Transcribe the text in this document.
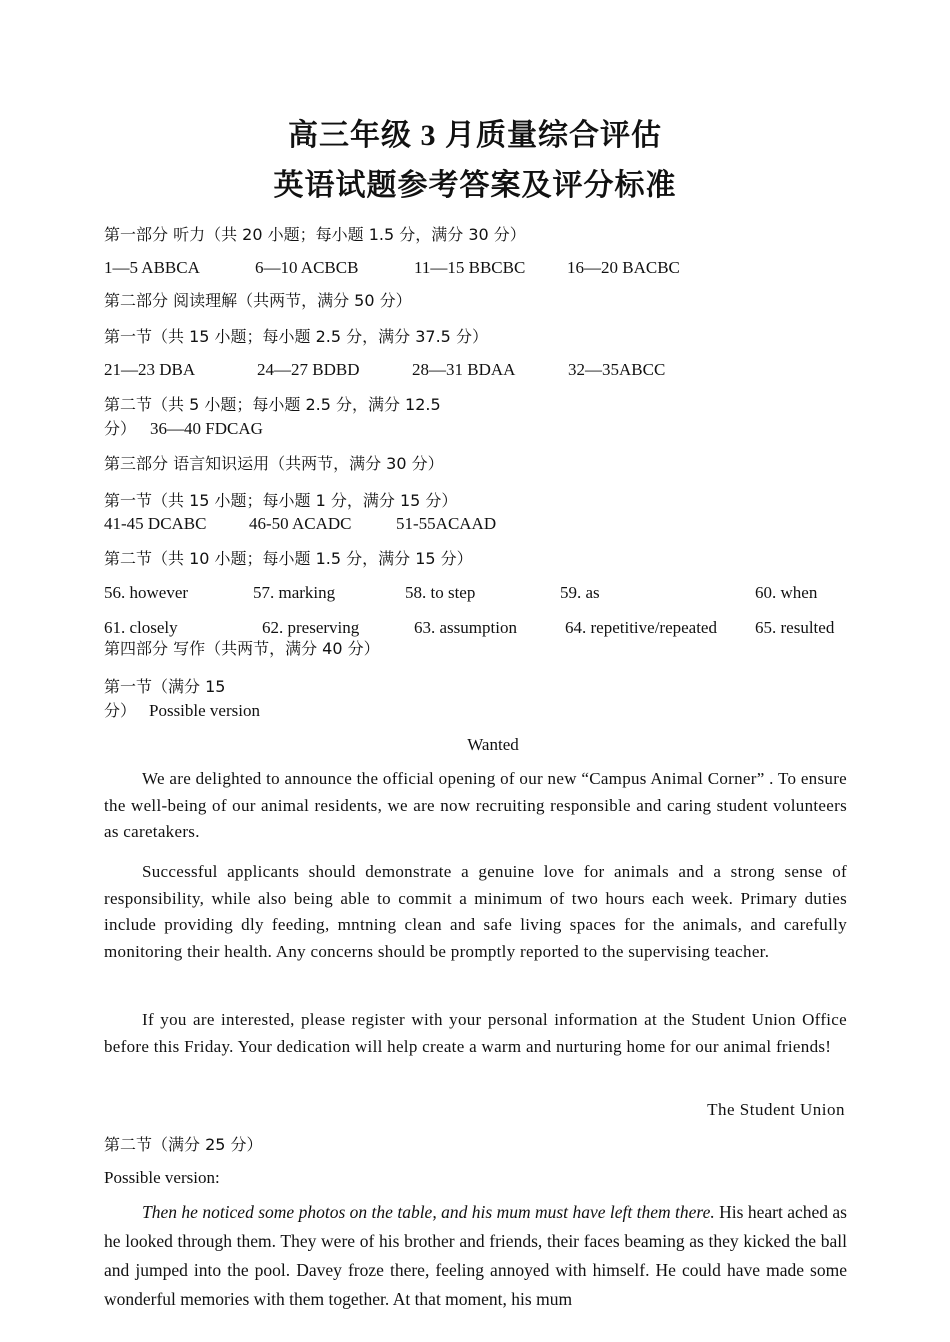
高三年级 3 月质量综合评估
英语试题参考答案及评分标准
第一部分 听力（共 20 小题；每小题 1.5 分，满分 30 分）
1—5 ABBCA	6—10 ACBCB	11—15 BBCBC 16—20 BACBC
第二部分 阅读理解（共两节，满分 50 分）
第一节（共 15 小题；每小题 2.5 分，满分 37.5 分）
21—23 DBA	24—27 BDBD	28—31 BDAA	32—35ABCC
第二节（共 5 小题；每小题 2.5 分，满分 12.5
分） 36—40 FDCAG
第三部分 语言知识运用（共两节，满分 30 分）
第一节（共 15 小题；每小题 1 分，满分 15 分）
41-45 DCABC	46-50 ACADC	51-55ACAAD
第二节（共 10 小题；每小题 1.5 分，满分 15 分）
56. however	57. marking	58. to step	59. as	60. when
61. closely	62. preserving	63. assumption	64. repetitive/repeated 65. resulted
第四部分 写作（共两节，满分 40 分）
第一节（满分 15
分） Possible version
Wanted
We are delighted to announce the official opening of our new “Campus Animal Corner” . To ensure the well-being of our animal residents, we are now recruiting responsible and caring student volunteers as caretakers.
Successful applicants should demonstrate a genuine love for animals and a strong sense of responsibility, while also being able to commit a minimum of two hours each week. Primary duties include providing dly feeding, mntning clean and safe living spaces for the animals, and carefully monitoring their health. Any concerns should be promptly reported to the supervising teacher.
If you are interested, please register with your personal information at the Student Union Office before this Friday. Your dedication will help create a warm and nurturing home for our animal friends!
The Student Union
第二节（满分 25 分）
Possible version:
Then he noticed some photos on the table, and his mum must have left them there. His heart ached as he looked through them. They were of his brother and friends, their faces beaming as they kicked the ball and jumped into the pool. Davey froze there, feeling annoyed with himself. He could have made some wonderful memories with them together. At that moment, his mum
